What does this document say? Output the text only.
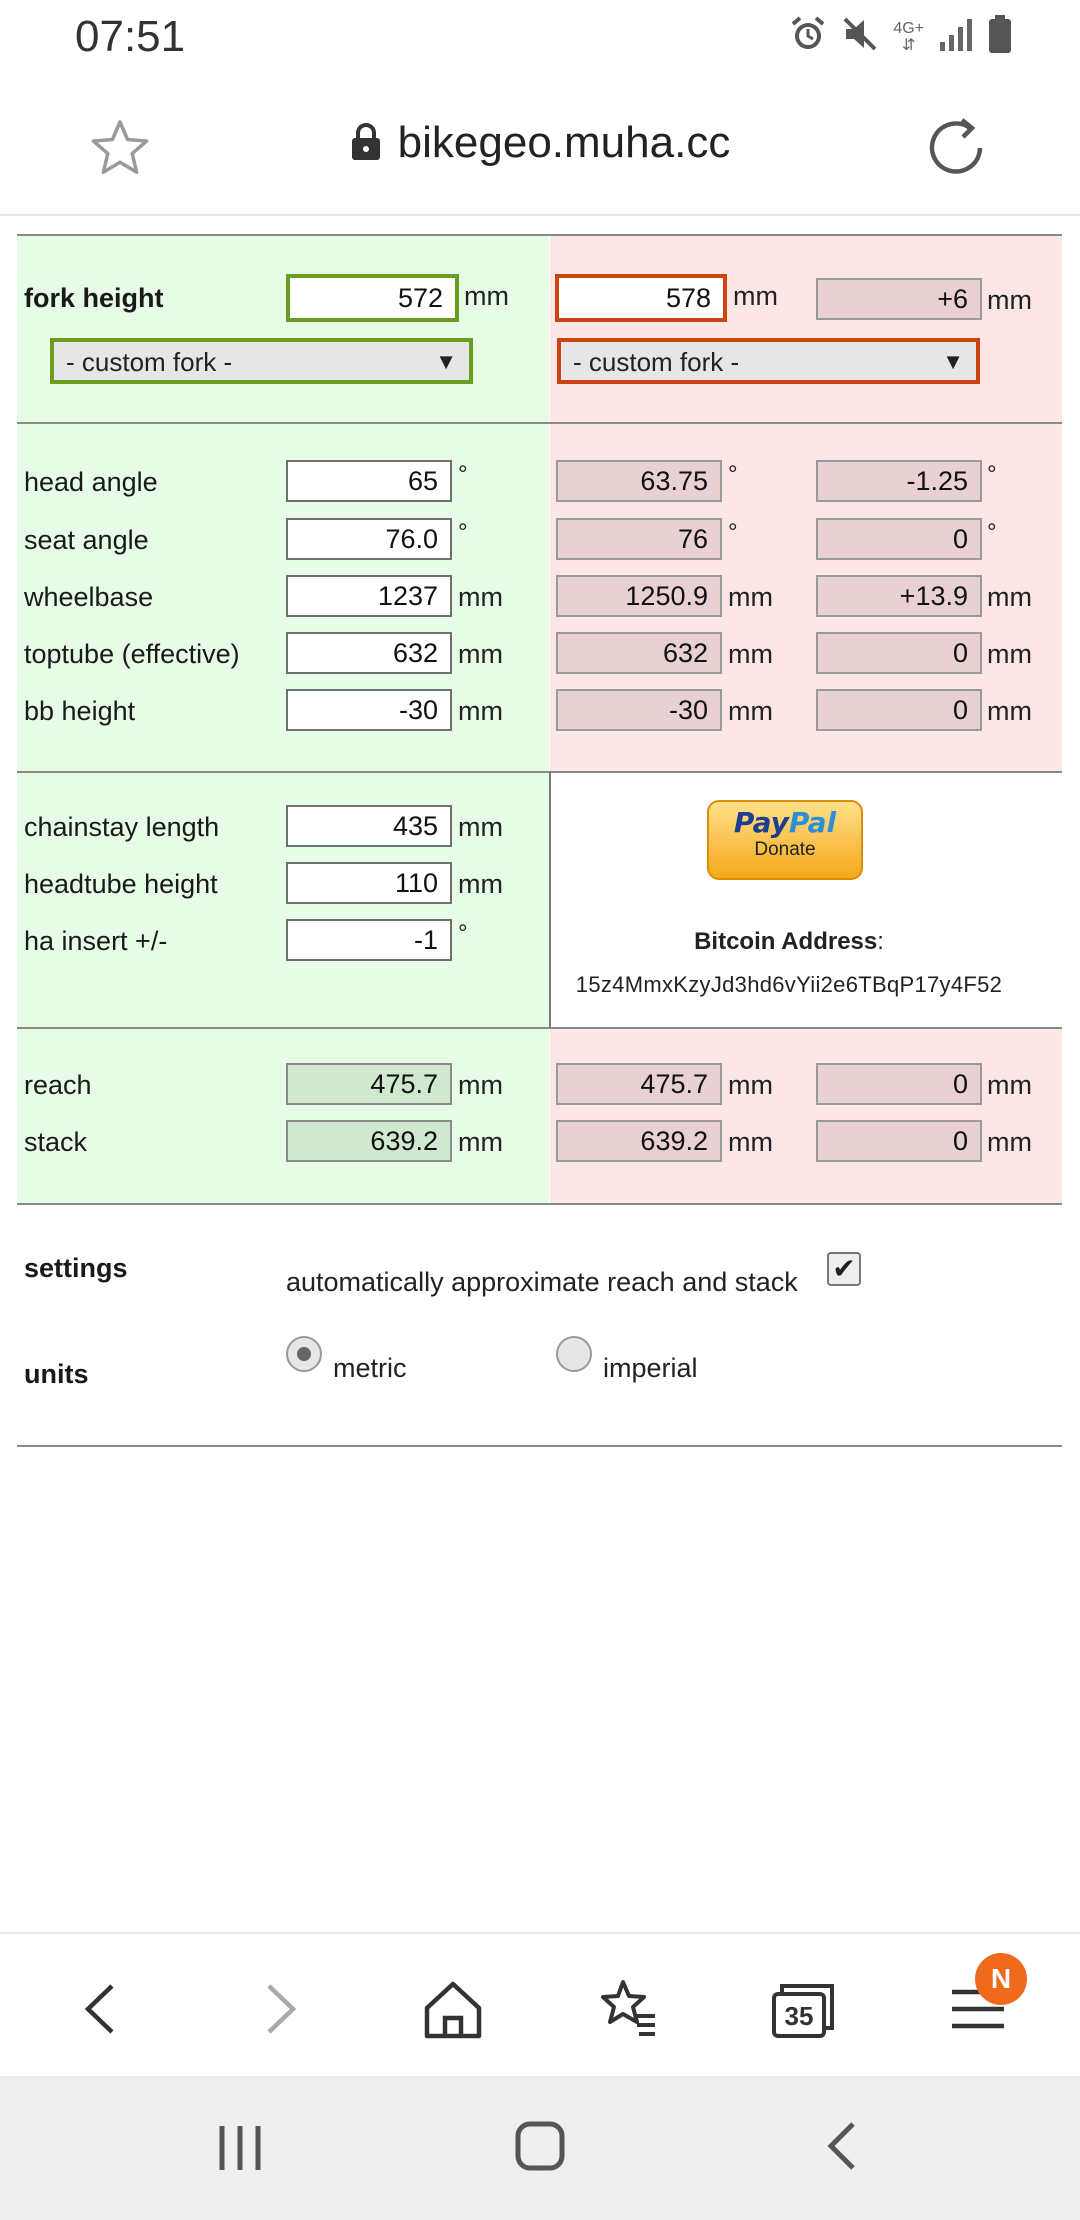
07:51	4G+
⇵
bikegeo.muha.cc
fork height	572 mm	578 mm	+6 mm
- custom fork -	▼	- custom fork -	▼
head angle	65 °	63.75 °	-1.25 °
seat angle	76.0 °	76 °	0 °
wheelbase	1237 mm	1250.9 mm	+13.9 mm
toptube (effective)	632 mm	632 mm	0 mm
bb height	-30 mm	-30 mm	0 mm
chainstay length	435 mm
headtube height	110 mm
ha insert +/-	-1 °
reach	475.7 mm	475.7 mm	0 mm
stack	639.2 mm	639.2 mm	0 mm
settings	automatically approximate reach and stack ✔
units	metric	imperial
PayPal
Donate
Bitcoin Address:
15z4MmxKzyJd3hd6vYii2e6TBqP17y4F52
35
N
